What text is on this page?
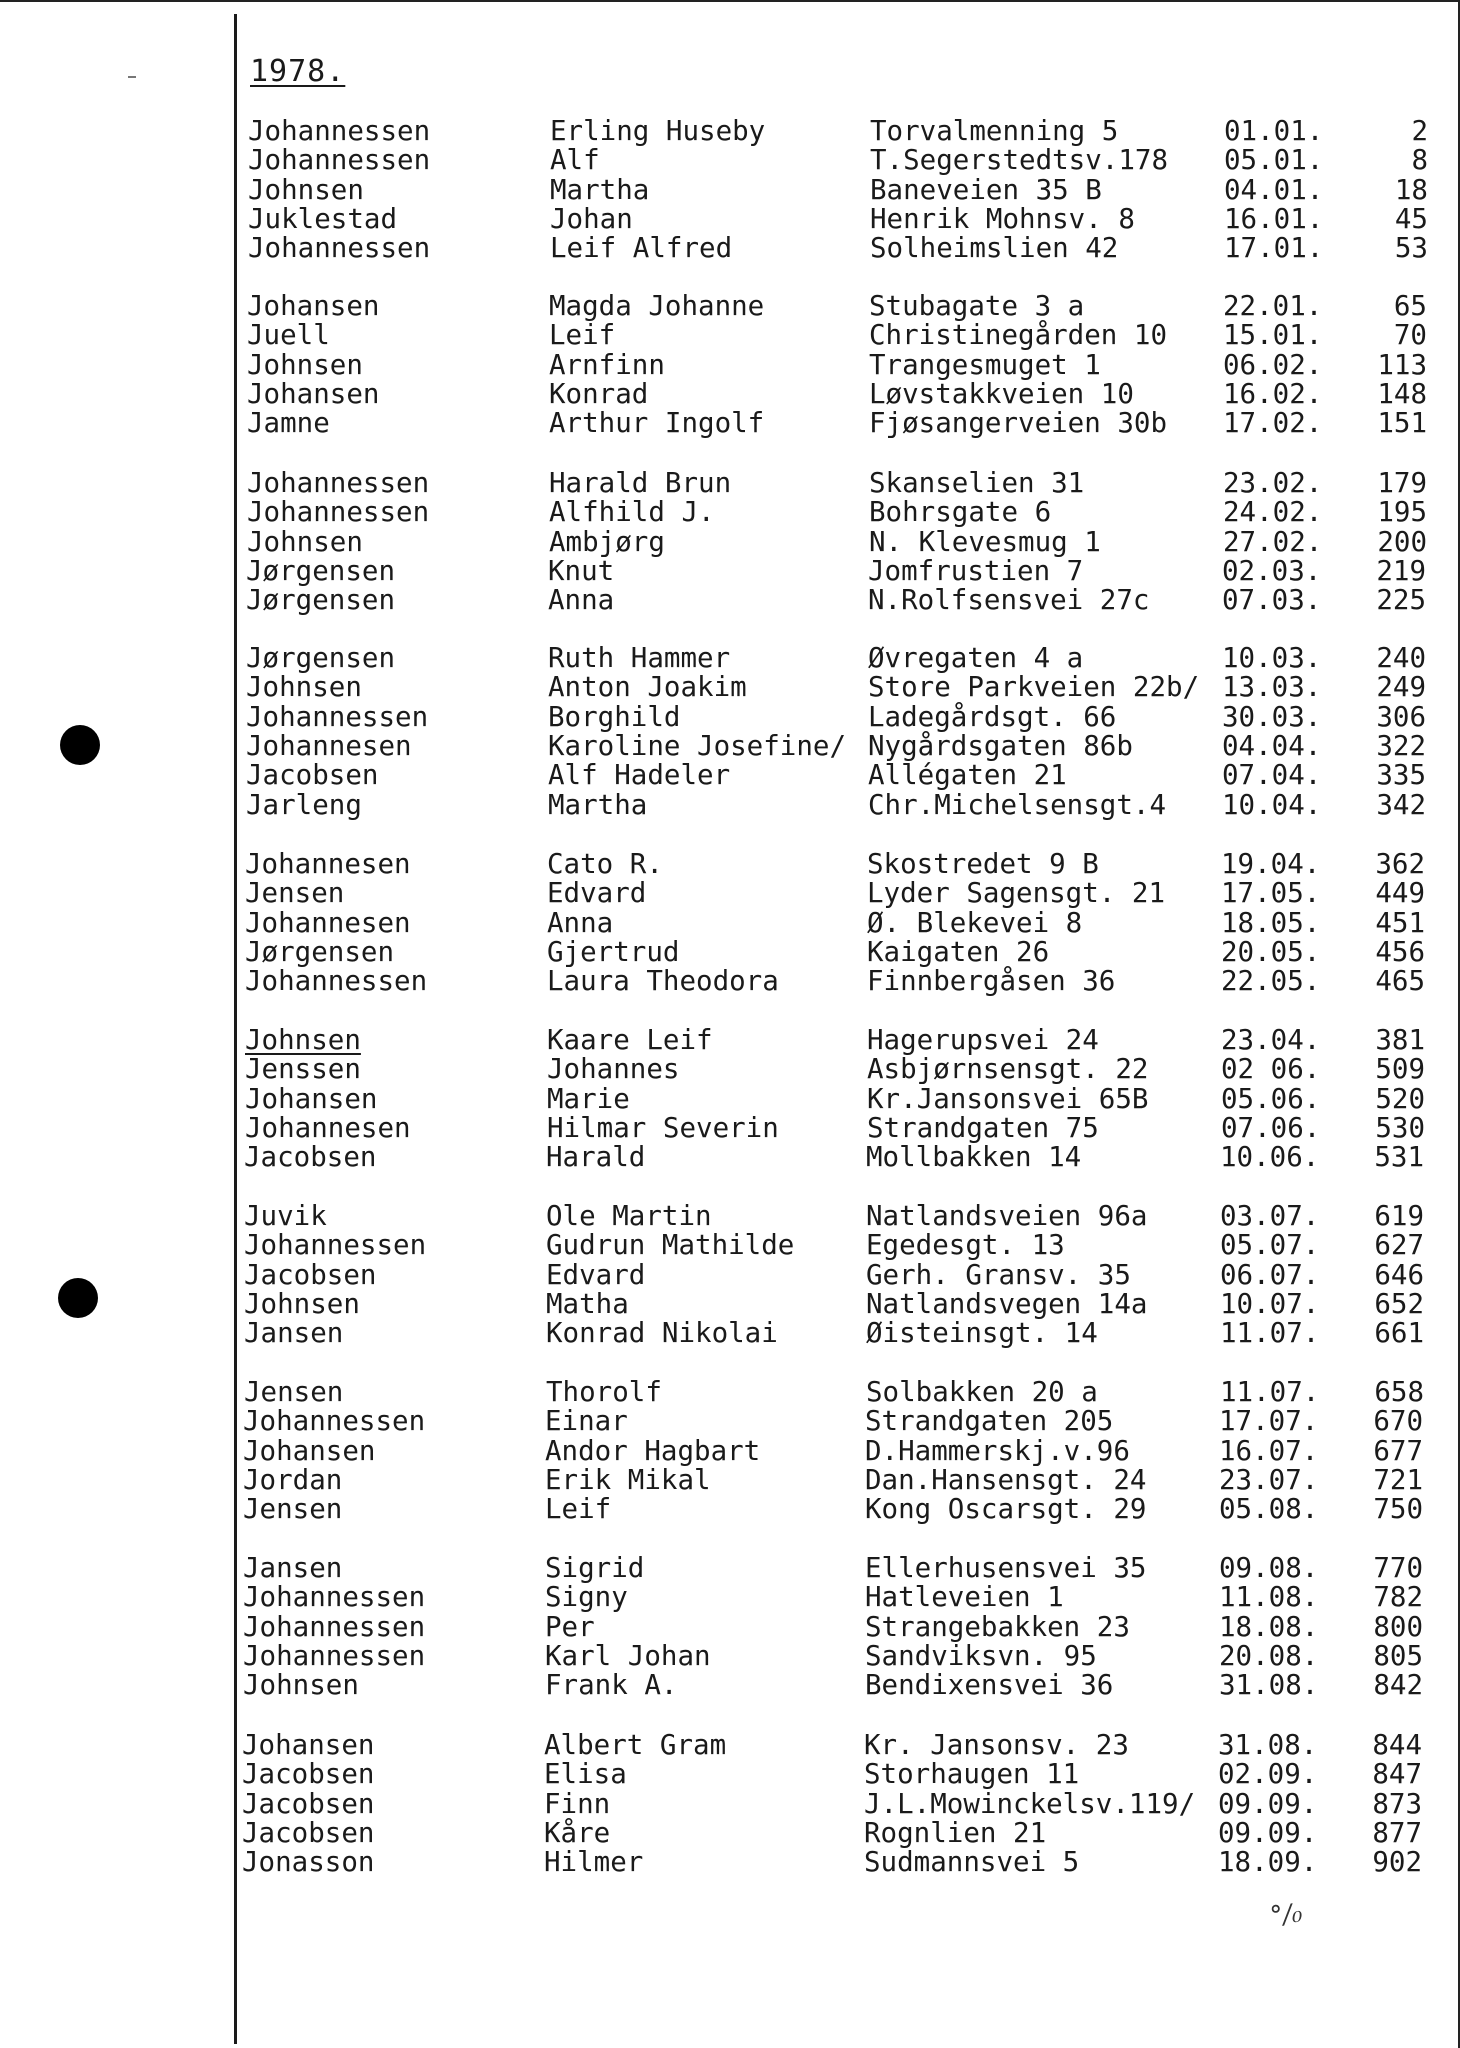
1978.
Johannessen	Erling Huseby	Torvalmenning 5	01.01.	2
Johannessen	Alf	T.Segerstedtsv.178 05.01.	8
Johnsen	Martha	Baneveien 35 B	04.01.	18
Juklestad	Johan	Henrik Mohnsv. 8	16.01.	45
Johannessen	Leif Alfred	Solheimslien 42	17.01.	53
Johansen	Magda Johanne	Stubagate 3 a	22.01.	65
Juell	Leif	Christinegården 10 15.01.	70
Johnsen	Arnfinn	Trangesmuget 1	06.02. 113
Johansen	Konrad	Løvstakkveien 10	16.02. 148
Jamne	Arthur Ingolf	Fjøsangerveien 30b 17.02. 151
Johannessen	Harald Brun	Skanselien 31	23.02. 179
Johannessen	Alfhild J.	Bohrsgate 6	24.02. 195
Johnsen	Ambjørg	N. Klevesmug 1	27.02. 200
Jørgensen	Knut	Jomfrustien 7	02.03. 219
Jørgensen	Anna	N.Rolfsensvei 27c	07.03. 225
Jørgensen	Ruth Hammer	Øvregaten 4 a	10.03. 240
Johnsen	Anton Joakim	Store Parkveien 22b/ 13.03. 249
Johannessen	Borghild	Ladegårdsgt. 66	30.03. 306
Johannesen	Karoline Josefine/ Nygårdsgaten 86b	04.04. 322
Jacobsen	Alf Hadeler	Allégaten 21	07.04. 335
Jarleng	Martha	Chr.Michelsensgt.4 10.04. 342
Johannesen	Cato R.	Skostredet 9 B	19.04. 362
Jensen	Edvard	Lyder Sagensgt. 21 17.05. 449
Johannesen	Anna	Ø. Blekevei 8	18.05. 451
Jørgensen	Gjertrud	Kaigaten 26	20.05. 456
Johannessen	Laura Theodora	Finnbergåsen 36	22.05. 465
Johnsen	Kaare Leif	Hagerupsvei 24	23.04. 381
Jenssen	Johannes	Asbjørnsensgt. 22	02 06. 509
Johansen	Marie	Kr.Jansonsvei 65B	05.06. 520
Johannesen	Hilmar Severin	Strandgaten 75	07.06. 530
Jacobsen	Harald	Mollbakken 14	10.06. 531
Juvik	Ole Martin	Natlandsveien 96a	03.07. 619
Johannessen	Gudrun Mathilde	Egedesgt. 13	05.07. 627
Jacobsen	Edvard	Gerh. Gransv. 35	06.07. 646
Johnsen	Matha	Natlandsvegen 14a	10.07. 652
Jansen	Konrad Nikolai	Øisteinsgt. 14	11.07. 661
Jensen	Thorolf	Solbakken 20 a	11.07. 658
Johannessen	Einar	Strandgaten 205	17.07. 670
Johansen	Andor Hagbart	D.Hammerskj.v.96	16.07. 677
Jordan	Erik Mikal	Dan.Hansensgt. 24	23.07. 721
Jensen	Leif	Kong Oscarsgt. 29	05.08. 750
Jansen	Sigrid	Ellerhusensvei 35	09.08. 770
Johannessen	Signy	Hatleveien 1	11.08. 782
Johannessen	Per	Strangebakken 23	18.08. 800
Johannessen	Karl Johan	Sandviksvn. 95	20.08. 805
Johnsen	Frank A.	Bendixensvei 36	31.08. 842
Johansen	Albert Gram	Kr. Jansonsv. 23	31.08. 844
Jacobsen	Elisa	Storhaugen 11	02.09. 847
Jacobsen	Finn	J.L.Mowinckelsv.119/ 09.09. 873
Jacobsen	Kåre	Rognlien 21	09.09. 877
Jonasson	Hilmer	Sudmannsvei 5	18.09. 902
°/₀
